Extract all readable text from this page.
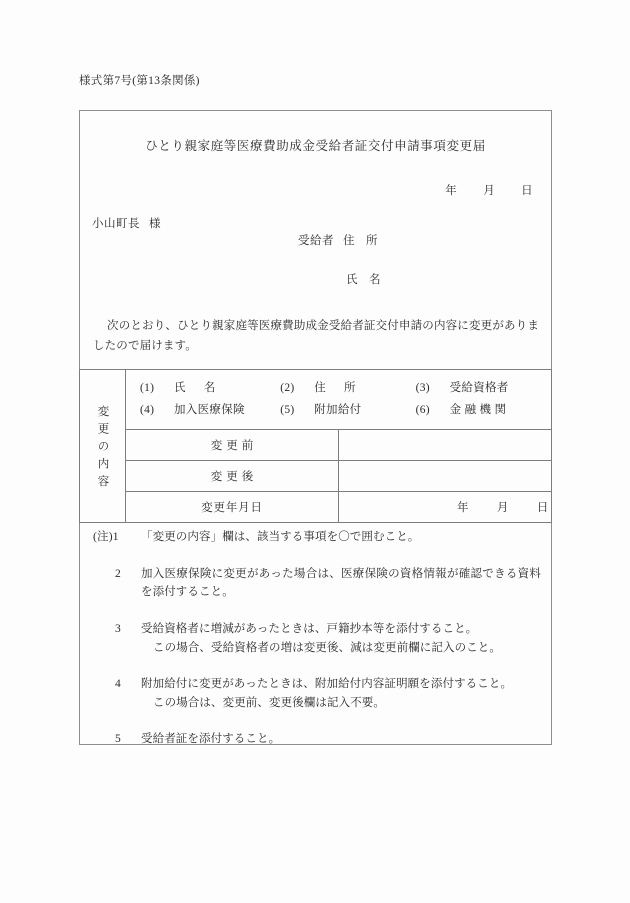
様式第7号(第13条関係)
ひとり親家庭等医療費助成金受給者証交付申請事項変更届
年 月 日
小山町長 様
受給者 住 所
氏 名
次のとおり、ひとり親家庭等医療費助成金受給者証交付申請の内容に変更がありましたので届けます。
変更の内容

(1)	氏 名	(2)	住 所	(3)	受給資格者
(4)	加入医療保険	(5)	附加給付	(6)	金 融 機 関

	変更前	
	変更後	
	変更年月日	年 月 日
(注)1	「変更の内容」欄は、該当する事項を〇で囲むこと。
2	加入医療保険に変更があった場合は、医療保険の資格情報が確認できる資料を添付すること。
3	受給資格者に増減があったときは、戸籍抄本等を添付すること。
この場合、受給資格者の増は変更後、減は変更前欄に記入のこと。
4	附加給付に変更があったときは、附加給付内容証明願を添付すること。
この場合は、変更前、変更後欄は記入不要。
5	受給者証を添付すること。
